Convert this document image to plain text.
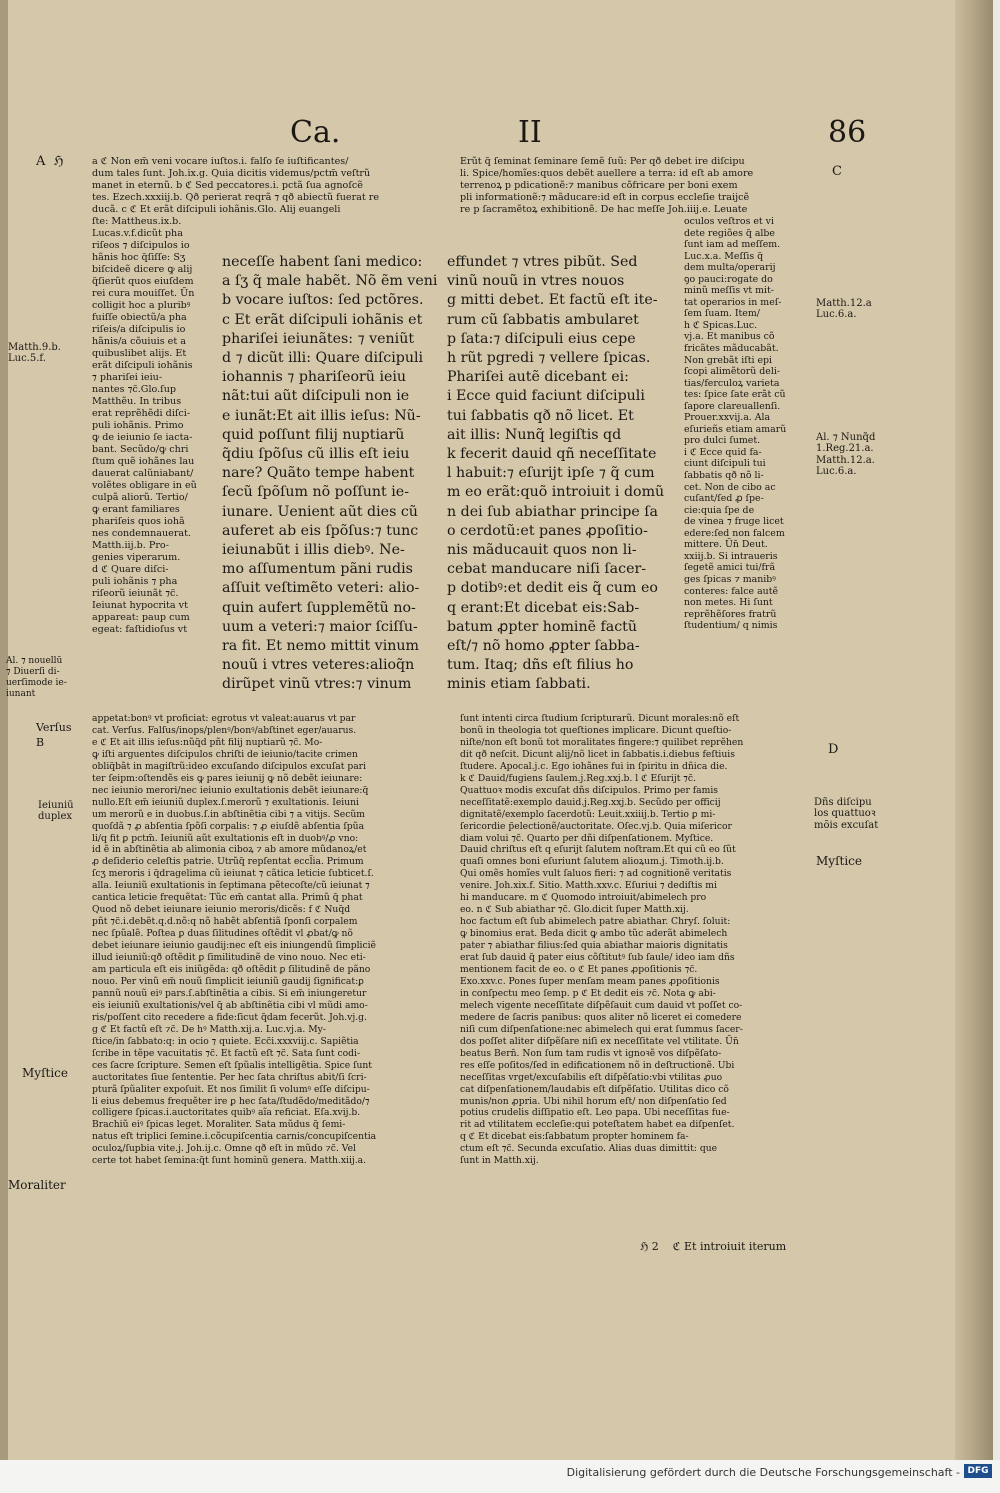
Ca.	II	86
a ℭ Non em̃ veni vocare iuſtos.i. falſo ſe iuſtificantes/
dum tales ſunt. Joh.ix.g. Quia dicitis videmus/pctm̃ veſtrũ
manet in eternũ. b ℭ Sed peccatores.i. pctã ſua agnoſcẽ
tes. Ezech.xxxiij.b. Qð perierat reqrã ⁊ qð abiectũ fuerat re
ducã. c ℭ Et erãt diſcipuli iohãnis.Glo. Alij euangeli
ſte: Mattheus.ix.b.
Lucas.v.f.dicũt pha
riſeos ⁊ diſcipulos io
hãnis hoc q̃ſiſſe: Sʒ
biſcideẽ dicere ꝙ alij
q̃ſierũt quos eiuſdem
rei cura mouiſſet. Ũn
colligit hoc a pluribꝰ
fuiſſe obiectũ/a pha
riſeis/a diſcipulis io
hãnis/a cõuiuis et a
quibuslibet alijs. Et
erãt diſcipuli iohãnis
⁊ phariſei ieiu-
nantes ⁊c̃.Glo.ſup
Matthẽu. In tribus
erat reprẽhẽdi diſci-
puli iohãnis. Primo
ꝙ de ieiunio ſe iacta-
bant. Secũdo/ꝙ chri
ſtum quẽ iohãnes lau
dauerat calũniabant/
volẽtes obligare in eũ
culpã aliorũ. Tertio/
ꝙ erant familiares
phariſeis quos iohã
nes condemnauerat.
Matth.iij.b. Pro-
genies viperarum.
d ℭ Quare diſci-
puli iohãnis ⁊ pha
riſeorũ ieiunãt ⁊c̃.
Ieiunat hypocrita vt
appareat: paup cum
egeat: faſtidioſus vt
neceſſe habent ſani medico:
a ſʒ q̃ male habẽt. Nõ ẽm veni
b vocare iuſtos: ſed pctõres.
c Et erãt diſcipuli iohãnis et
phariſei ieiunãtes: ⁊ veniũt
d ⁊ dicũt illi: Quare diſcipuli
iohannis ⁊ phariſeorũ ieiu
nãt:tui aũt diſcipuli non ie
e iunãt:Et ait illis ieſus: Nũ-
quid poſſunt filij nuptiarũ
q̃diu ſpõſus cũ illis eſt ieiu
nare? Quãto tempe habent
ſecũ ſpõſum nõ poſſunt ie-
iunare. Uenient aũt dies cũ
auferet ab eis ſpõſus:⁊ tunc
ieiunabũt i illis diebꝰ. Ne-
mo aſſumentum pãni rudis
aſſuit veſtimẽto veteri: alio-
quin aufert ſupplemẽtũ no-
uum a veteri:⁊ maior ſciſſu-
ra fit. Et nemo mittit vinum
nouũ i vtres veteres:alioq̃n
dirũpet vinũ vtres:⁊ vinum
effundet ⁊ vtres pibũt. Sed
vinũ nouũ in vtres nouos
g mitti debet. Et factũ eſt ite-
rum cũ ſabbatis ambularet
p ſata:⁊ diſcipuli eius cepe
h rũt pgredi ⁊ vellere ſpicas.
Phariſei autẽ dicebant ei:
i Ecce quid faciunt diſcipuli
tui ſabbatis qð nõ licet. Et
ait illis: Nunq̃ legiſtis qd
k fecerit dauid qñ neceſſitate
l habuit:⁊ eſurijt ipſe ⁊ q̃ cum
m eo erãt:quõ introiuit i domũ
n dei ſub abiathar principe ſa
o cerdotũ:et panes ꝓpoſitio-
nis mãducauit quos non li-
cebat manducare niſi ſacer-
p dotibꝰ:et dedit eis q̃ cum eo
q erant:Et dicebat eis:Sab-
batum ꝓpter hominẽ factũ
eſt/⁊ nõ homo ꝓpter ſabba-
tum. Itaq; dñs eſt filius ho
minis etiam ſabbati.
Erũt q̃ ſeminat ſeminare ſemẽ ſuũ: Per qð debet ire diſcipu
li. Spice/homĩes:quos debẽt auellere a terra: id eſt ab amore
terrenoꝝ p pdicationẽ:⁊ manibus cõfricare per boni exem
pli informationẽ:⁊ mãducare:id eſt in corpus eccleſie traijcẽ
re p ſacramẽtoꝝ exhibitionẽ. De hac meſſe Joh.iiij.e. Leuate
oculos veſtros et vi
dete regiões q̃ albe
ſunt iam ad meſſem.
Luc.x.a. Meſſis q̃
dem multa/operarij
ꝯo pauci:rogate do
minũ meſſis vt mit-
tat operarios in meſ-
ſem ſuam. Item/
h ℭ Spicas.Luc.
vj.a. Et manibus cõ
fricãtes mãducabãt.
Non grebãt iſti epi
ſcopi alimẽtorũ deli-
tias/ferculoꝝ varieta
tes: ſpice ſate erãt cũ
ſapore clareuallenſi.
Prouer.xxvij.a. Ala
eſurieñs etiam amarũ
pro dulci ſumet.
i ℭ Ecce quid fa-
ciunt diſcipuli tui
ſabbatis qð nõ li-
cet. Non de cibo ac
cuſant/ſed ꝓ ſpe-
cie:quia ſpe de
de vinea ⁊ fruge licet
edere:ſed non falcem
mittere. Ũn̄ Deut.
xxiij.b. Si intraueris
ſegetẽ amici tui/frã
ges ſpicas ⁊ manibꝰ
conteres: falce autẽ
non metes. Hi ſunt
reprẽhẽſores fratrũ
ſtudentium/ q nimis
appetat:bonꝰ vt proficiat: egrotus vt valeat:auarus vt par
cat. Verſus. Falſus/inops/plenꝰ/bonꝰ/abſtinet eger/auarus.
e ℭ Et ait illis ieſus:nũq̃d pñt filij nuptiarũ ⁊c̃. Mo-
ꝙ iſti arguentes diſcipulos chriſti de ieiunio/tacite crimen
obliq̃bãt in magiſtrũ:ideo excuſando diſcipulos excuſat pari
ter ſeipm:oſtendẽs eis ꝙ pares ieiunij ꝙ nõ debẽt ieiunare:
nec ieiunio merori/nec ieiunio exultationis debẽt ieiunare:q̃
nullo.Eſt em̃ ieiuniũ duplex.ſ.merorũ ⁊ exultationis. Ieiuni
um merorũ e in duobus.ſ.in abſtinẽtia cibi ⁊ a vitijs. Secũm
quoſdã ⁊ ꝓ abſentia ſpõſi corpalis: ⁊ ꝓ eiuſdẽ abſentia ſpũa
li/q fit ꝑ pctm̃. Ieiuniũ aũt exultationis eſt in duobꝰ/ꝓ vno:
id ẽ in abſtinẽtia ab alimonia ciboꝝ ⁊ ab amore mũdanoꝝ/et
ꝓ deſiderio celeſtis patrie. Utrũq̃ repſentat eccl̃ia. Primum
ſcʒ meroris i q̃dragelima cũ ieiunat ⁊ cãtica leticie ſubticet.ſ.
alla. Ieiuniũ exultationis in ſeptimana pẽtecoſte/cũ ieiunat ⁊
cantica leticie frequẽtat: Tũc em̃ cantat alla. Primũ q̃ phat
Quod nõ debet ieiunare ieiunio meroris/dicẽs: f ℭ Nuq̃d
pñt ⁊c̃.i.debẽt.q.d.nõ:q nõ habẽt abſentiã ſponſi corpalem
nec ſpũalẽ. Poſtea ꝑ duas ſilitudines oſtẽdit vl ꝓbat/ꝙ nõ
debet ieiunare ieiunio gaudij:nec eſt eis iniungendũ ſimpliciẽ
illud ieiuniũ:qð oſtẽdit ꝑ ſimilitudinẽ de vino nouo. Nec eti-
am particula eſt eis iniũgẽda: qð oſtẽdit ꝑ ſilitudinẽ de pãno
nouo. Per vinũ em̃ nouũ ſimplicit ieiuniũ gaudij ſignificat:ꝑ
pannũ nouũ eiꝰ pars.ſ.abſtinẽtia a cibis. Si em̃ iniungeretur
eis ieiuniũ exultationis/vel q̃ ab abſtinẽtia cibi vl mũdi amo-
ris/poſſent cito recedere a fide:ſicut q̃dam fecerũt. Joh.vj.g.
g ℭ Et factũ eſt ⁊c̃. De hꝰ Matth.xij.a. Luc.vj.a. My-
ſtice/in ſabbato:q: in ocio ⁊ quiete. Ecc̃i.xxxviij.c. Sapiẽtia
ſcribe in tẽpe vacuitatis ⁊c̃. Et factũ eſt ⁊c̃. Sata ſunt codi-
ces ſacre ſcripture. Semen eſt ſpũalis intelligẽtia. Spice ſunt
auctoritates ſiue ſententie. Per hec ſata chriſtus abit/ſi ſcri-
pturã ſpũaliter expoſuit. Et nos ſimilit ſi volumꝰ eſſe diſcipu-
li eius debemus frequẽter ire ꝑ hec ſata/ſtudẽdo/meditãdo/⁊
colligere ſpicas.i.auctoritates quibꝰ aĩa reficiat. Eſa.xvij.b.
Brachiũ eiꝰ ſpicas leget. Moraliter. Sata mũdus q̃ ſemi-
natus eſt triplici ſemine.i.cõcupiſcentia carnis/concupiſcentia
oculoꝝ/ſupbia vite.j. Joh.ij.c. Omne qð eſt in mũdo ⁊c̃. Vel
certe tot habet ſemina:q̃t ſunt hominũ genera. Matth.xiij.a.
ſunt intenti circa ſtudium ſcripturarũ. Dicunt morales:nõ eſt
bonũ in theologia tot queſtiones implicare. Dicunt queſtio-
niſte/non eſt bonũ tot moralitates fingere:⁊ quilibet reprẽhen
dit qð neſcit. Dicunt alij/nõ licet in ſabbatis.i.diebus feſtiuis
ſtudere. Apocal.j.c. Ego iohãnes fui in ſpiritu in dñica die.
k ℭ Dauid/fugiens ſaulem.j.Reg.xxj.b. l ℭ Eſurijt ⁊c̃.
Quattuoꝛ modis excuſat dñs diſcipulos. Primo per famis
neceſſitatẽ:exemplo dauid.j.Reg.xxj.b. Secũdo per officij
dignitatẽ/exemplo ſacerdotũ: Leuit.xxiiij.b. Tertio ꝑ mi-
ſericordie p̃electionẽ/auctoritate. Oſec.vj.b. Quia miſericor
diam volui ⁊c̃. Quarto per dñi diſpenſationem. Myſtice.
Dauid chriſtus eſt q eſurijt ſalutem noſtram.Et qui cũ eo ſũt
quaſi omnes boni eſuriunt ſalutem alioꝝum.j. Timoth.ij.b.
Qui omẽs homĩes vult ſaluos fieri: ⁊ ad cognitionẽ veritatis
venire. Joh.xix.f. Sitio. Matth.xxv.c. Eſuriui ⁊ dediſtis mi
hi manducare. m ℭ Quomodo introiuit/abimelech pro
eo. n ℭ Sub abiathar ⁊c̃. Glo.dicit ſuper Matth.xij.
hoc factum eſt ſub abimelech patre abiathar. Chryſ. ſoluit:
ꝙ binomius erat. Beda dicit ꝙ ambo tũc aderãt abimelech
pater ⁊ abiathar filius:ſed quia abiathar maioris dignitatis
erat ſub dauid q̃ pater eius cõſtitutꝰ ſub ſaule/ ideo iam dñs
mentionem facit de eo. o ℭ Et panes ꝓpoſitionis ⁊c̃.
Exo.xxv.c. Pones ſuper menſam meam panes ꝓpoſitionis
in conſpectu meo ſemp. p ℭ Et dedit eis ⁊c̃. Nota ꝙ abi-
melech vigente neceſſitate diſpẽſauit cum dauid vt poſſet co-
medere de ſacris panibus: quos aliter nõ liceret ei comedere
niſi cum diſpenſatione:nec abimelech qui erat ſummus ſacer-
dos poſſet aliter diſpẽſare niſi ex neceſſitate vel vtilitate. Ũn̄
beatus Bern̄. Non ſum tam rudis vt ignoꝛẽ vos diſpẽſato-
res eſſe poſitos/ſed in edificationem nõ in deſtructionẽ. Ubi
neceſſitas vrget/excuſabilis eſt diſpẽſatio:vbi vtilitas ꝓuo
cat diſpenſationem/laudabis eſt diſpẽſatio. Utilitas dico cõ
munis/non ꝓpria. Ubi nihil horum eſt/ non diſpenſatio ſed
potius crudelis diſſipatio eſt. Leo papa. Ubi neceſſitas fue-
rit ad vtilitatem eccleſie:qui poteſtatem habet ea diſpenſet.
q ℭ Et dicebat eis:ſabbatum propter hominem fa-
ctum eſt ⁊c̃. Secunda excuſatio. Alias duas dimittit: que
ſunt in Matth.xij.
ℌ 2    ℭ Et introiuit iterum
A  ℌ
Matth.9.b.
Luc.5.f.
Al. ⁊ nouellū
⁊ Diuerſi di-
uerſimode ie-
iunant
Verſus
B
Ieiuniū
duplex
Myſtice
Moraliter
C
Matth.12.a
Luc.6.a.
Al. ⁊ Nunq̃d
1.Reg.21.a.
Matth.12.a.
Luc.6.a.
D
Dñs diſcipu
los quattuoꝛ
mõis excuſat
Myſtice
Digitalisierung gefördert durch die Deutsche Forschungsgemeinschaft - DFG
